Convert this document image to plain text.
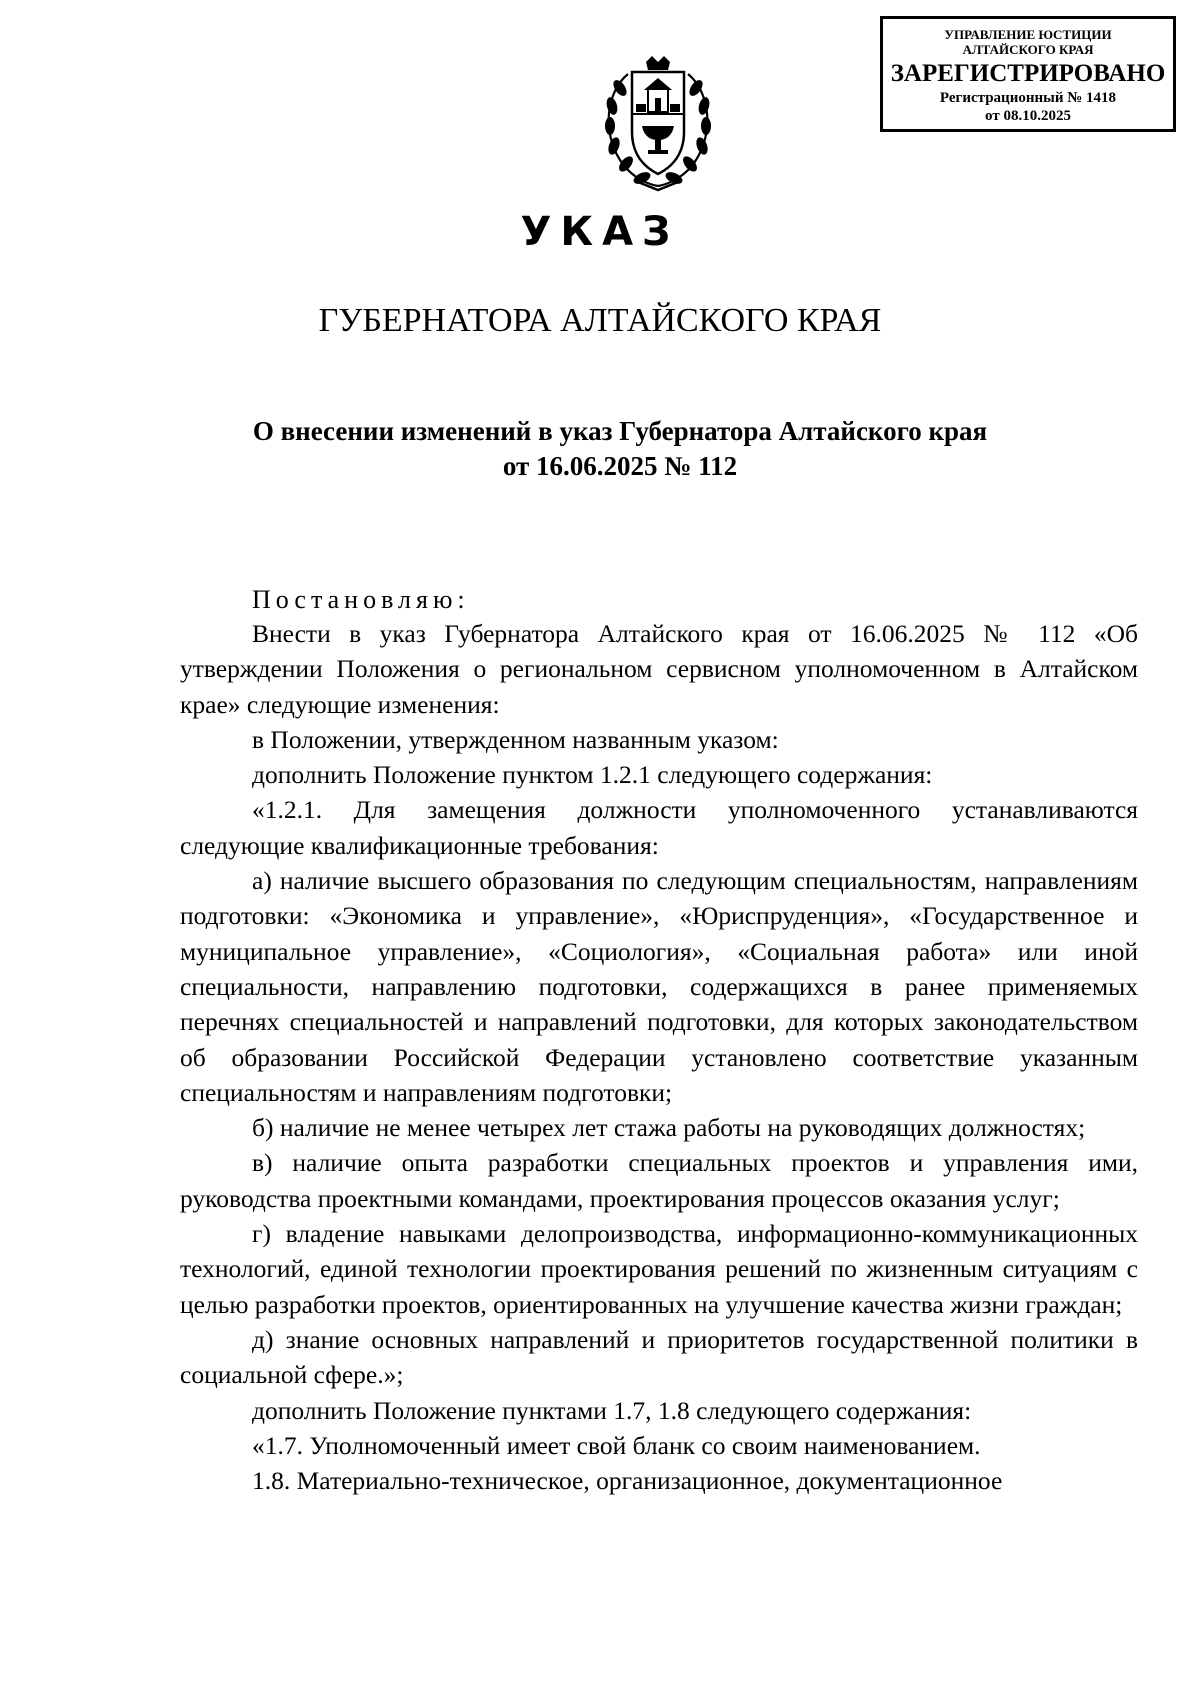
УПРАВЛЕНИЕ ЮСТИЦИИ АЛТАЙСКОГО КРАЯ
ЗАРЕГИСТРИРОВАНО
Регистрационный № 1418
от 08.10.2025
УКАЗ
ГУБЕРНАТОРА АЛТАЙСКОГО КРАЯ
О внесении изменений в указ Губернатора Алтайского края
от 16.06.2025 № 112
Постановляю:

Внести в указ Губернатора Алтайского края от 16.06.2025 № 112 «Об утверждении Положения о региональном сервисном уполномоченном в Алтайском крае» следующие изменения:

в Положении, утвержденном названным указом:

дополнить Положение пунктом 1.2.1 следующего содержания:

«1.2.1. Для замещения должности уполномоченного устанавливаются следующие квалификационные требования:

а) наличие высшего образования по следующим специальностям, направлениям подготовки: «Экономика и управление», «Юриспруденция», «Государственное и муниципальное управление», «Социология», «Социальная работа» или иной специальности, направлению подготовки, содержащихся в ранее применяемых перечнях специальностей и направлений подготовки, для которых законодательством об образовании Российской Федерации установлено соответствие указанным специальностям и направлениям подготовки;

б) наличие не менее четырех лет стажа работы на руководящих должностях;

в) наличие опыта разработки специальных проектов и управления ими, руководства проектными командами, проектирования процессов оказания услуг;

г) владение навыками делопроизводства, информационно-коммуникационных технологий, единой технологии проектирования решений по жизненным ситуациям с целью разработки проектов, ориентированных на улучшение качества жизни граждан;

д) знание основных направлений и приоритетов государственной политики в социальной сфере.»;

дополнить Положение пунктами 1.7, 1.8 следующего содержания:

«1.7. Уполномоченный имеет свой бланк со своим наименованием.

1.8. Материально-техническое, организационное, документационное
